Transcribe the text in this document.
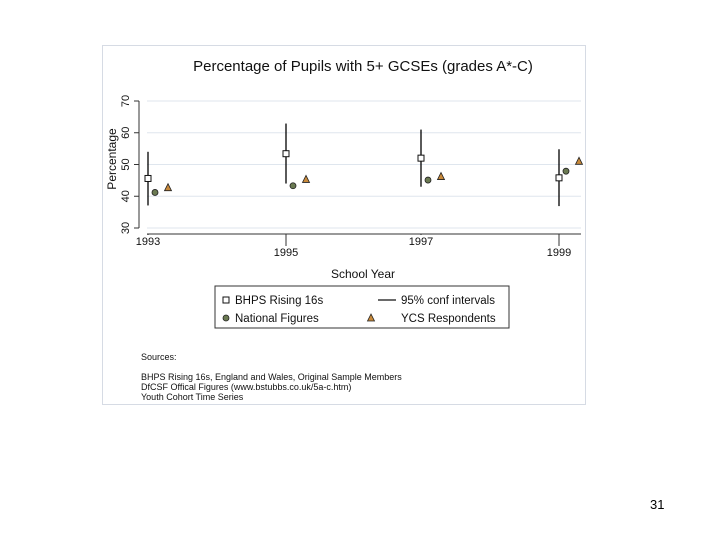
Percentage of Pupils with 5+ GCSEs (grades A*-C)
30
40
50
60
70
1993
1995
1997
1999
Percentage
School Year
BHPS Rising 16s	95% conf intervals
National Figures	YCS Respondents
Sources:
BHPS Rising 16s, England and Wales, Original Sample Members
DfCSF Offical Figures (www.bstubbs.co.uk/5a-c.htm)
Youth Cohort Time Series
31
